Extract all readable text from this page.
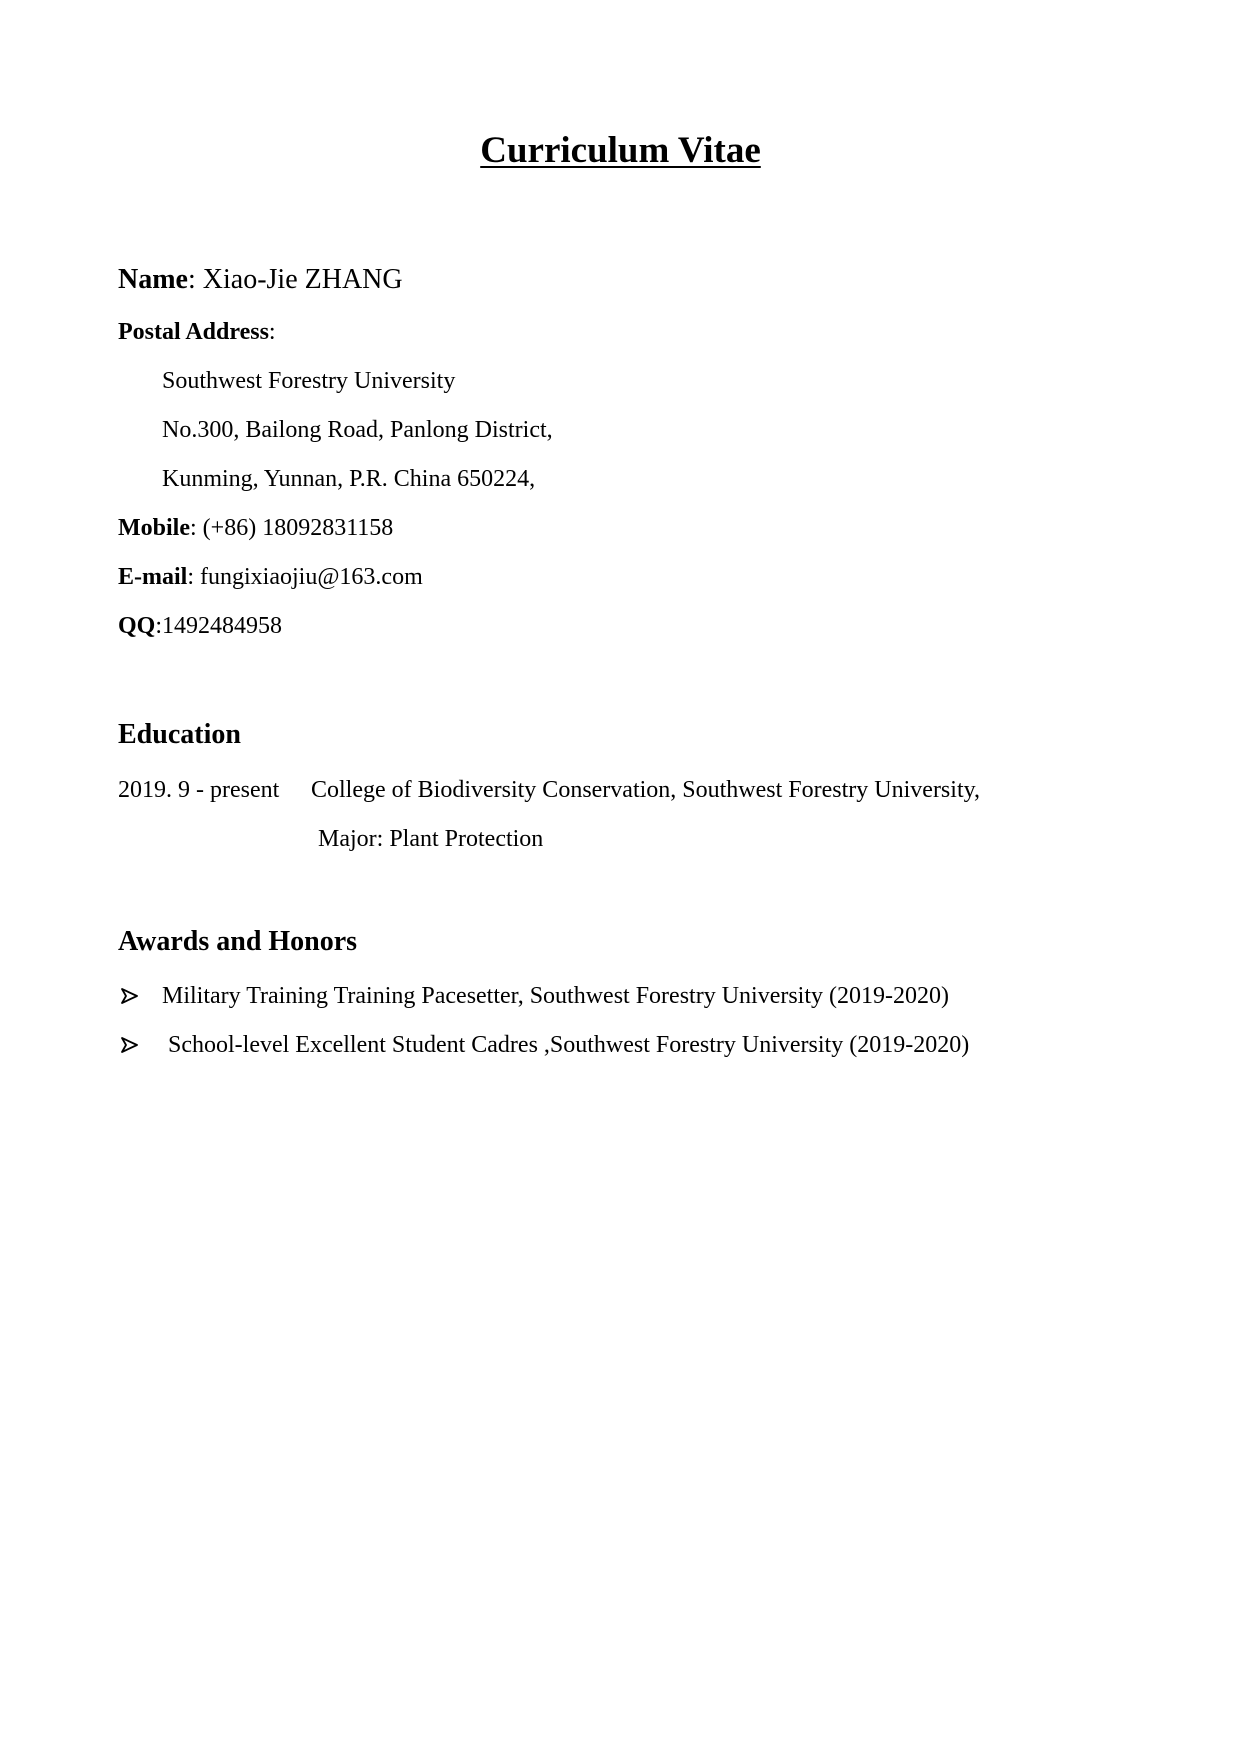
Curriculum Vitae
Name: Xiao-Jie ZHANG
Postal Address:
Southwest Forestry University
No.300, Bailong Road, Panlong District,
Kunming, Yunnan, P.R. China 650224,
Mobile: (+86) 18092831158
E-mail: fungixiaojiu@163.com
QQ:1492484958
Education
2019. 9 - present College of Biodiversity Conservation, Southwest Forestry University,
Major: Plant Protection
Awards and Honors
Military Training Training Pacesetter, Southwest Forestry University (2019-2020)
School-level Excellent Student Cadres ,Southwest Forestry University (2019-2020)
